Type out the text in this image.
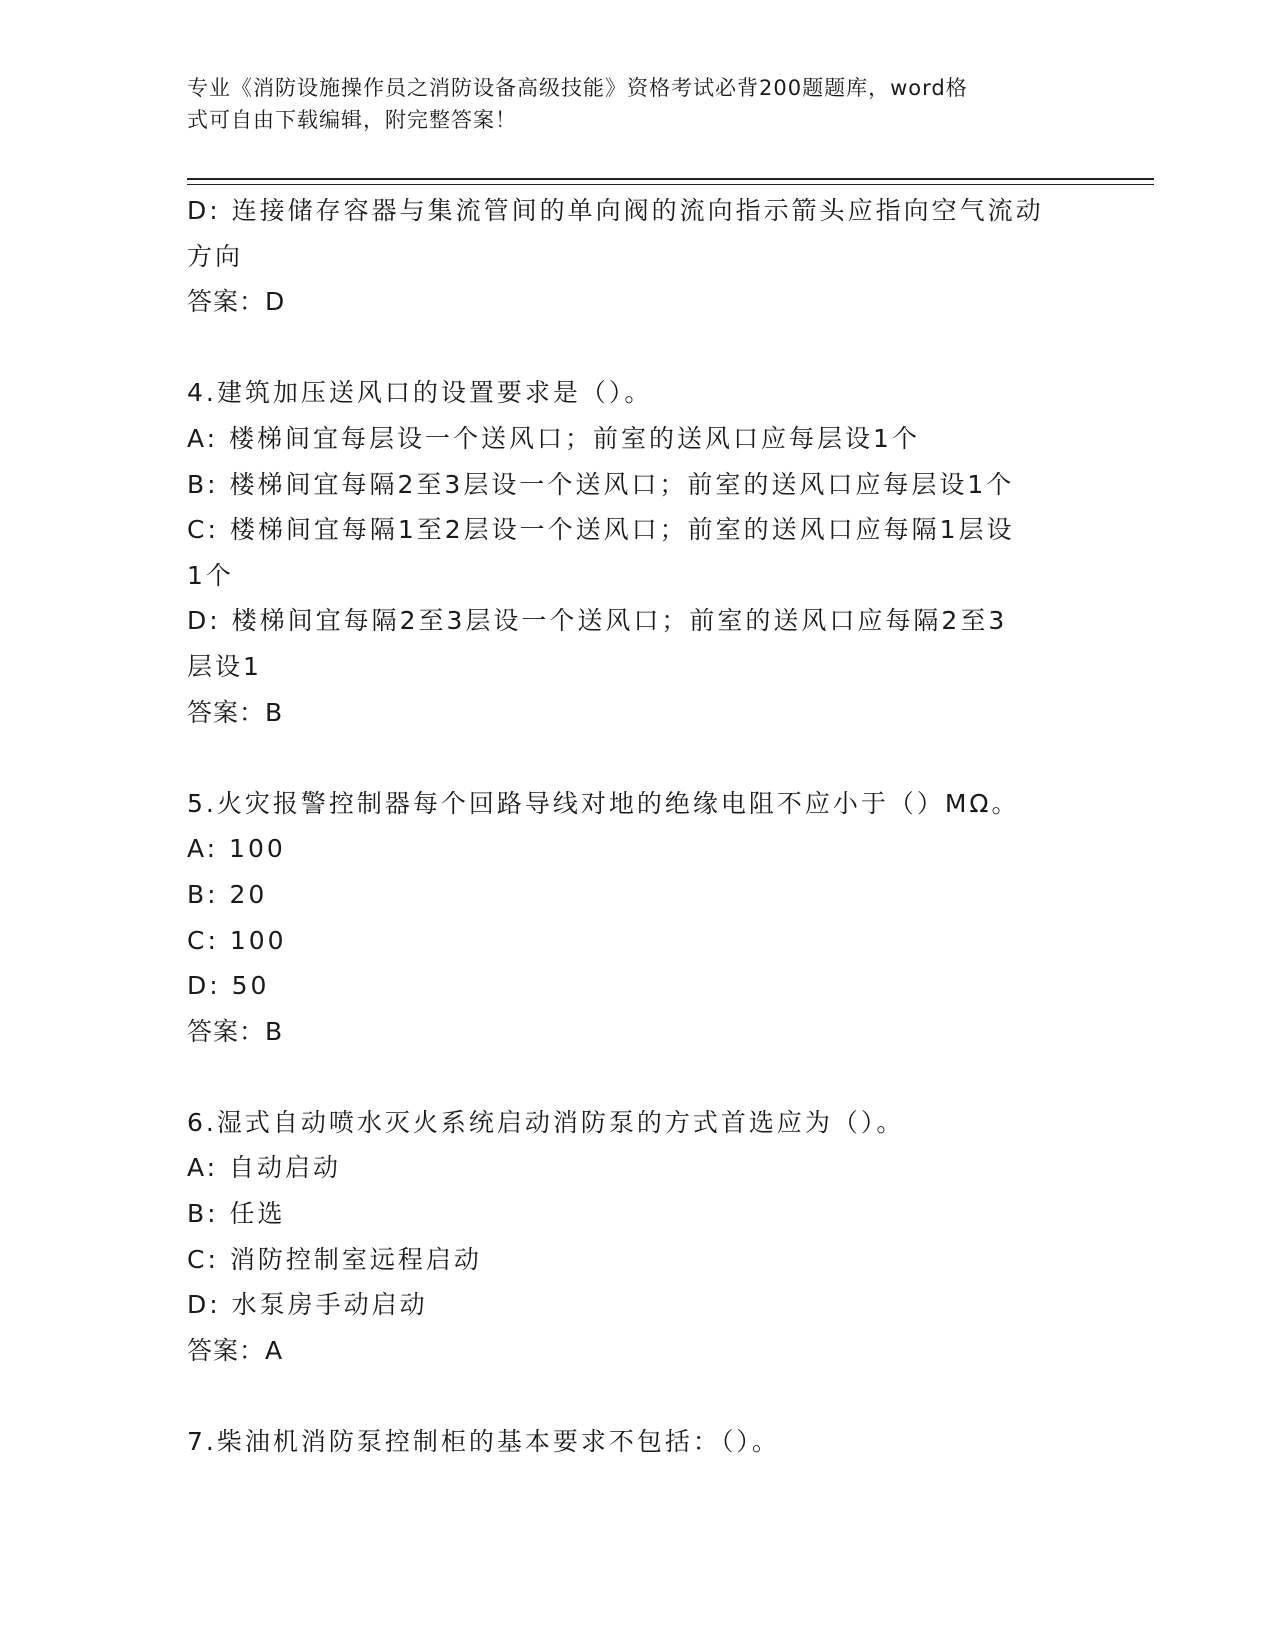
专业《消防设施操作员之消防设备高级技能》资格考试必背200题题库，word格
式可自由下载编辑，附完整答案！
D: 连接储存容器与集流管间的单向阀的流向指示箭头应指向空气流动
方向
答案：D
4.建筑加压送风口的设置要求是（）。
A: 楼梯间宜每层设一个送风口；前室的送风口应每层设1个
B: 楼梯间宜每隔2至3层设一个送风口；前室的送风口应每层设1个
C: 楼梯间宜每隔1至2层设一个送风口；前室的送风口应每隔1层设
1个
D: 楼梯间宜每隔2至3层设一个送风口；前室的送风口应每隔2至3
层设1
答案：B
5.火灾报警控制器每个回路导线对地的绝缘电阻不应小于（）MΩ。
A: 100
B: 20
C: 100
D: 50
答案：B
6.湿式自动喷水灭火系统启动消防泵的方式首选应为（）。
A: 自动启动
B: 任选
C: 消防控制室远程启动
D: 水泵房手动启动
答案：A
7.柴油机消防泵控制柜的基本要求不包括：（）。
